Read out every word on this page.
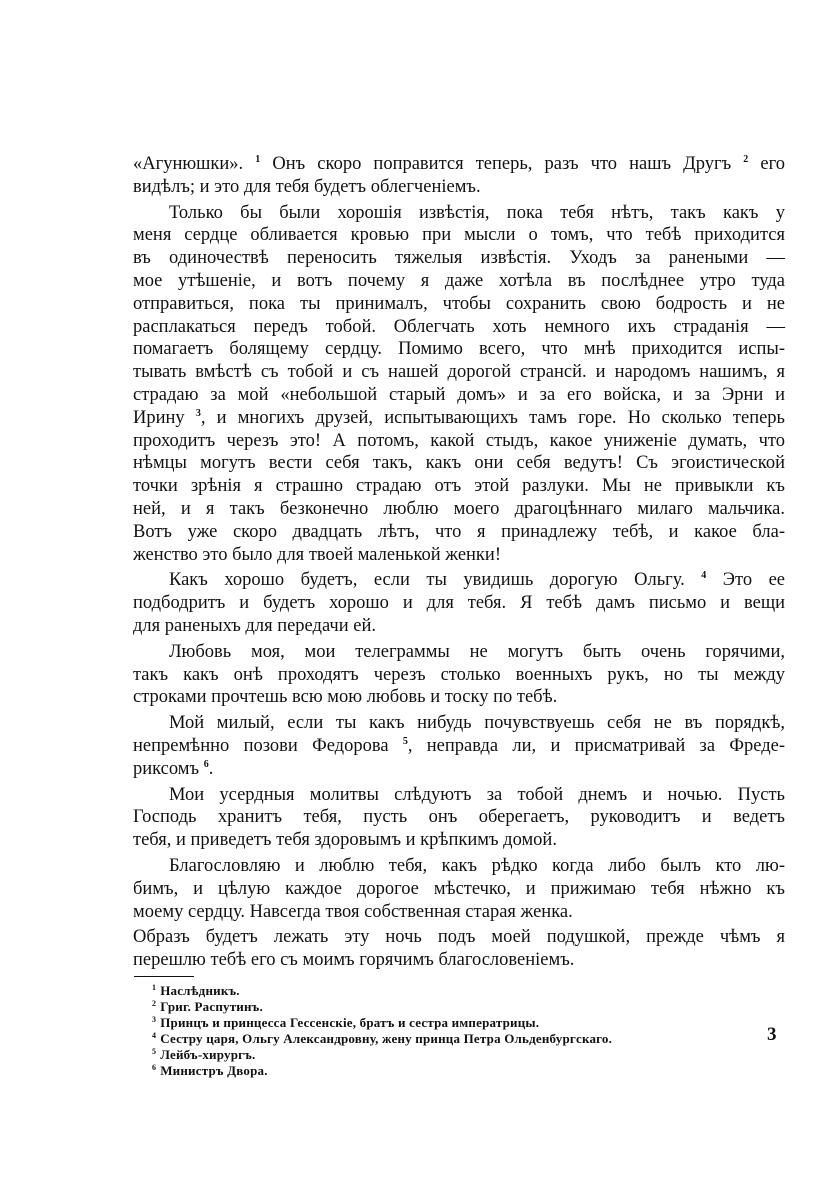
«Агунюшки». $^1$ Онъ скоро поправится теперь, разъ что нашъ Другъ $^2$ его
видѣлъ; и это для тебя будетъ облегченіемъ.
Только бы были хорошія извѣстія, пока тебя нѣтъ, такъ какъ у
меня сердце обливается кровью при мысли о томъ, что тебѣ приходится
въ одиночествѣ переносить тяжелыя извѣстія. Уходъ за ранеными —
мое утѣшеніе, и вотъ почему я даже хотѣла въ послѣднее утро туда
отправиться, пока ты принималъ, чтобы сохранить свою бодрость и не
расплакаться передъ тобой. Облегчать хоть немного ихъ страданія —
помагаетъ болящему сердцу. Помимо всего, что мнѣ приходится испы-
тывать вмѣстѣ съ тобой и съ нашей дорогой странсй. и народомъ нашимъ, я
страдаю за мой «небольшой старый домъ» и за его войска, и за Эрни и
Ирину $^3$, и многихъ друзей, испытывающихъ тамъ горе. Но сколько теперь
проходитъ черезъ это! А потомъ, какой стыдъ, какое униженіе думать, что
нѣмцы могутъ вести себя такъ, какъ они себя ведутъ! Съ эгоистической
точки зрѣнія я страшно страдаю отъ этой разлуки. Мы не привыкли къ
ней, и я такъ безконечно люблю моего драгоцѣннаго милаго мальчика.
Вотъ уже скоро двадцать лѣтъ, что я принадлежу тебѣ, и какое бла-
женство это было для твоей маленькой женки!
Какъ хорошо будетъ, если ты увидишь дорогую Ольгу. $^4$ Это ее
подбодритъ и будетъ хорошо и для тебя. Я тебѣ дамъ письмо и вещи
для раненыхъ для передачи ей.
Любовь моя, мои телеграммы не могутъ быть очень горячими,
такъ какъ онѣ проходятъ черезъ столько военныхъ рукъ, но ты между
строками прочтешь всю мою любовь и тоску по тебѣ.
Мой милый, если ты какъ нибудь почувствуешь себя не въ порядкѣ,
непремѣнно позови Федорова $^5$, неправда ли, и присматривай за Фреде-
риксомъ $^6$.
Мои усердныя молитвы слѣдуютъ за тобой днемъ и ночью. Пусть
Господь хранитъ тебя, пусть онъ оберегаетъ, руководитъ и ведетъ
тебя, и приведетъ тебя здоровымъ и крѣпкимъ домой.
Благословляю и люблю тебя, какъ рѣдко когда либо былъ кто лю-
бимъ, и цѣлую каждое дорогое мѣстечко, и прижимаю тебя нѣжно къ
моему сердцу. Навсегда твоя собственная старая женка.
Образъ будетъ лежать эту ночь подъ моей подушкой, прежде чѣмъ я
перешлю тебѣ его съ моимъ горячимъ благословеніемъ.
$^1$ Наслѣдникъ.
$^2$ Григ. Распутинъ.
$^3$ Принцъ и принцесса Гессенскіе, братъ и сестра императрицы.
$^4$ Сестру царя, Ольгу Александровну, жену принца Петра Ольденбургскаго.
$^5$ Лейбъ-хирургъ.
$^6$ Министръ Двора.
3
